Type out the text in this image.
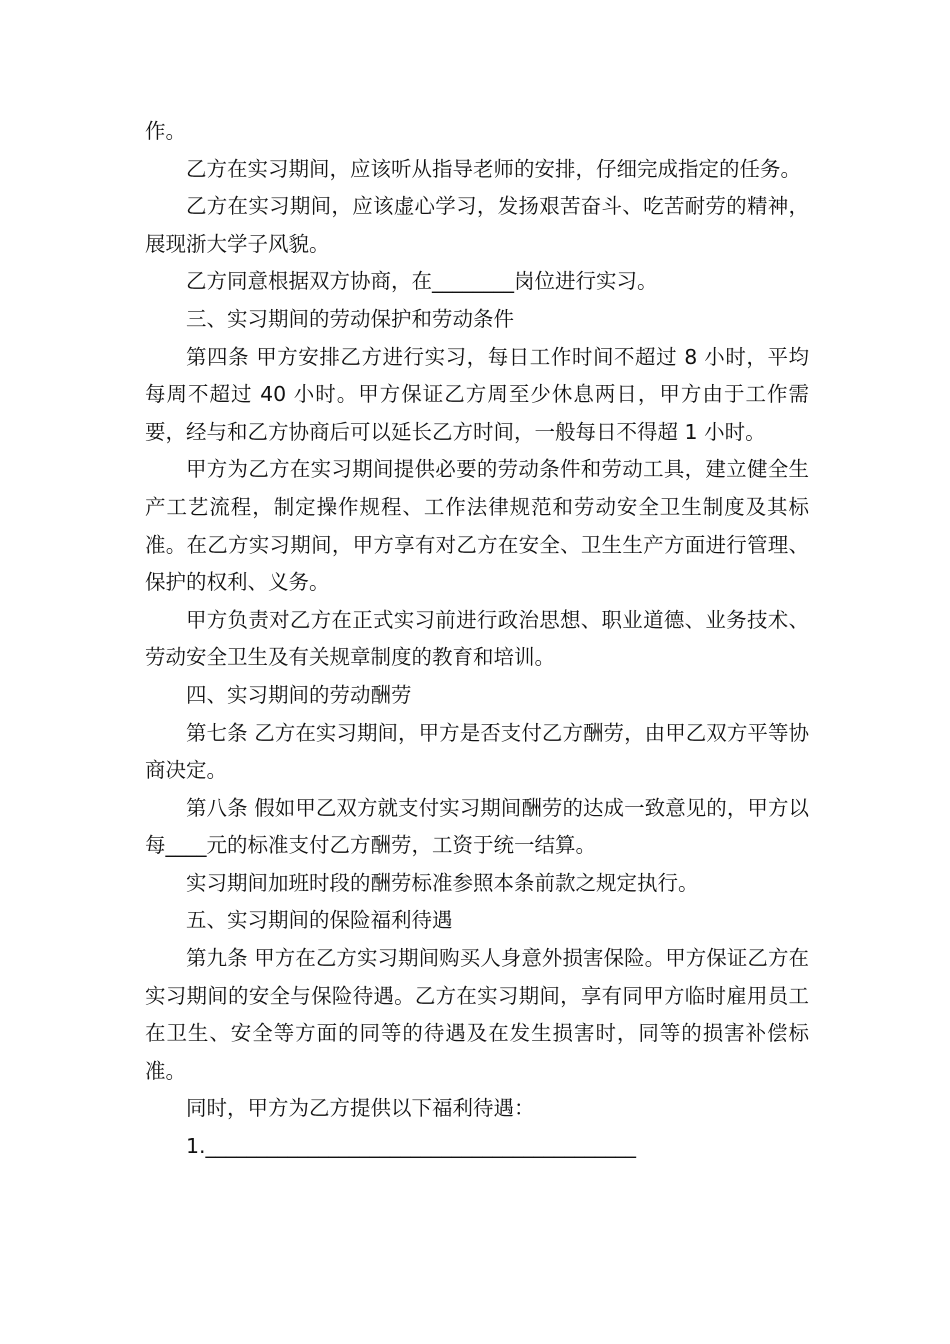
作。

乙方在实习期间，应该听从指导老师的安排，仔细完成指定的任务。

乙方在实习期间，应该虚心学习，发扬艰苦奋斗、吃苦耐劳的精神，展现浙大学子风貌。

乙方同意根据双方协商，在________岗位进行实习。

三、实习期间的劳动保护和劳动条件

第四条 甲方安排乙方进行实习，每日工作时间不超过 8 小时，平均每周不超过 40 小时。甲方保证乙方周至少休息两日，甲方由于工作需要，经与和乙方协商后可以延长乙方时间，一般每日不得超 1 小时。

甲方为乙方在实习期间提供必要的劳动条件和劳动工具，建立健全生产工艺流程，制定操作规程、工作法律规范和劳动安全卫生制度及其标准。在乙方实习期间，甲方享有对乙方在安全、卫生生产方面进行管理、保护的权利、义务。

甲方负责对乙方在正式实习前进行政治思想、职业道德、业务技术、劳动安全卫生及有关规章制度的教育和培训。

四、实习期间的劳动酬劳

第七条 乙方在实习期间，甲方是否支付乙方酬劳，由甲乙双方平等协商决定。

第八条 假如甲乙双方就支付实习期间酬劳的达成一致意见的，甲方以每____元的标准支付乙方酬劳，工资于统一结算。

实习期间加班时段的酬劳标准参照本条前款之规定执行。

五、实习期间的保险福利待遇

第九条 甲方在乙方实习期间购买人身意外损害保险。甲方保证乙方在实习期间的安全与保险待遇。乙方在实习期间，享有同甲方临时雇用员工在卫生、安全等方面的同等的待遇及在发生损害时，同等的损害补偿标准。

同时，甲方为乙方提供以下福利待遇：

1.__________________________________________
